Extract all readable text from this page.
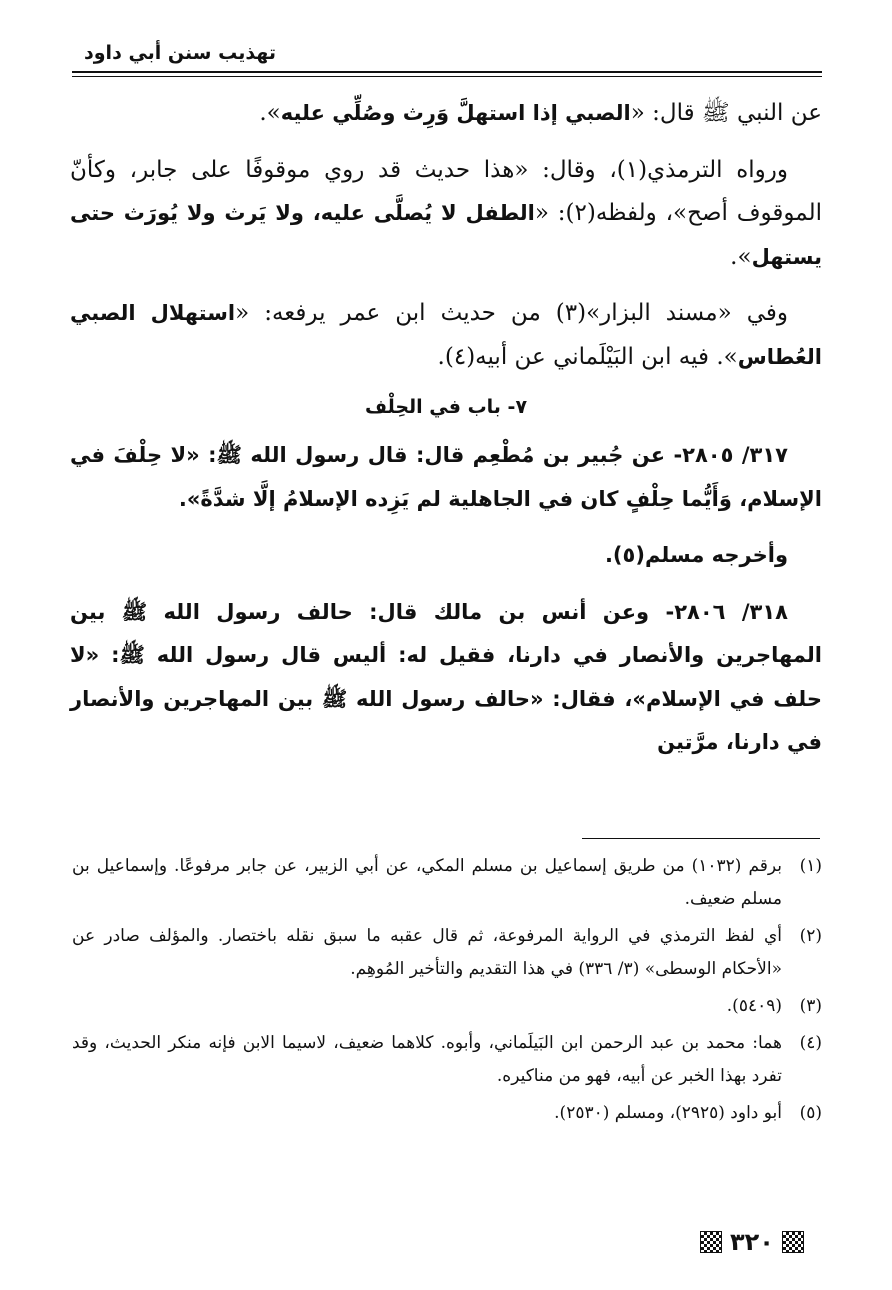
تهذيب سنن أبي داود

عن النبي ﷺ قال: «الصبي إذا استهلَّ وَرِث وصُلِّي عليه».

ورواه الترمذي(١)، وقال: «هذا حديث قد روي موقوفًا على جابر، وكأنّ الموقوف أصح»، ولفظه(٢): «الطفل لا يُصلَّى عليه، ولا يَرث ولا يُورَث حتى يستهل».

وفي «مسند البزار»(٣) من حديث ابن عمر يرفعه: «استهلال الصبي العُطاس». فيه ابن البَيْلَماني عن أبيه(٤).

٧- باب في الحِلْف

٣١٧/ ٢٨٠٥- عن جُبير بن مُطْعِم قال: قال رسول الله ﷺ: «لا حِلْفَ في الإسلام، وَأَيُّما حِلْفٍ كان في الجاهلية لم يَزِده الإسلامُ إلَّا شدَّةً».

وأخرجه مسلم(٥).

٣١٨/ ٢٨٠٦- وعن أنس بن مالك قال: حالف رسول الله ﷺ بين المهاجرين والأنصار في دارنا، فقيل له: أليس قال رسول الله ﷺ: «لا حلف في الإسلام»، فقال: «حالف رسول الله ﷺ بين المهاجرين والأنصار في دارنا، مرَّتين

(١)
برقم (١٠٣٢) من طريق إسماعيل بن مسلم المكي، عن أبي الزبير، عن جابر مرفوعًا. وإسماعيل بن مسلم ضعيف.
(٢)
أي لفظ الترمذي في الرواية المرفوعة، ثم قال عقبه ما سبق نقله باختصار. والمؤلف صادر عن «الأحكام الوسطى» (٣/ ٣٣٦) في هذا التقديم والتأخير المُوهِم.
(٣)
(٥٤٠٩).
(٤)
هما: محمد بن عبد الرحمن ابن البَيلَماني، وأبوه. كلاهما ضعيف، لاسيما الابن فإنه منكر الحديث، وقد تفرد بهذا الخبر عن أبيه، فهو من مناكيره.
(٥)
أبو داود (٢٩٢٥)، ومسلم (٢٥٣٠).
٣٢٠
